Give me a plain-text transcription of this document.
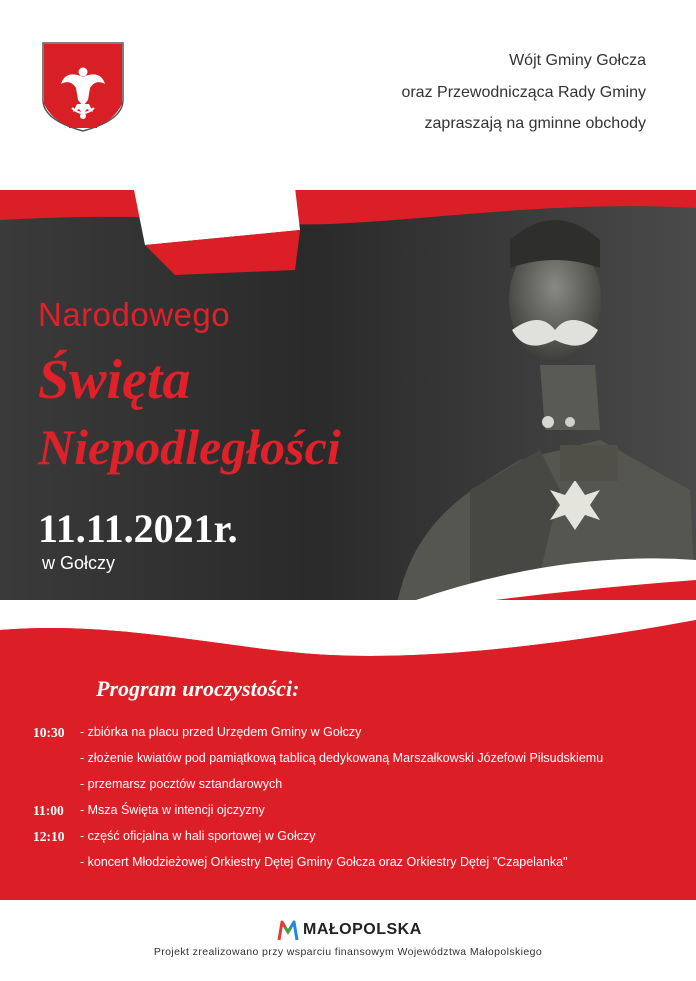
Wójt Gminy Gołcza
oraz Przewodnicząca Rady Gminy
zapraszają na gminne obchody
Narodowego
Święta
Niepodległości
11.11.2021r.
w Gołczy
Program uroczystości:
10:30	- zbiórka na placu przed Urzędem Gminy w Gołczy
- złożenie kwiatów pod pamiątkową tablicą dedykowaną Marszałkowski Józefowi Piłsudskiemu
- przemarsz pocztów sztandarowych
11:00	- Msza Święta w intencji ojczyzny
12:10	- część oficjalna w hali sportowej w Gołczy
- koncert Młodzieżowej Orkiestry Dętej Gminy Gołcza oraz Orkiestry Dętej "Czapelanka"
MAŁOPOLSKA
Projekt zrealizowano przy wsparciu finansowym Województwa Małopolskiego
